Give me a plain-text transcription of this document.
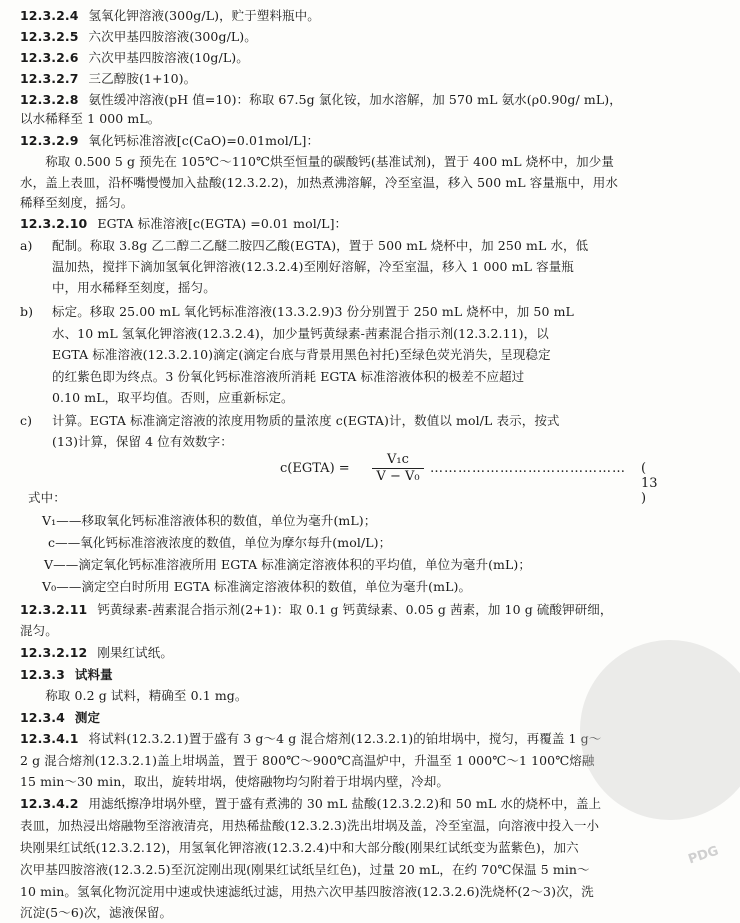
12.3.2.4 氢氧化钾溶液(300g/L)，贮于塑料瓶中。
12.3.2.5 六次甲基四胺溶液(300g/L)。
12.3.2.6 六次甲基四胺溶液(10g/L)。
12.3.2.7 三乙醇胺(1+10)。
12.3.2.8 氨性缓冲溶液(pH 值=10)：称取 67.5g 氯化铵，加水溶解，加 570 mL 氨水(ρ0.90g/ mL)，
以水稀释至 1 000 mL。
12.3.2.9 氧化钙标准溶液[c(CaO)=0.01mol/L]：
　　称取 0.500 5 g 预先在 105℃～110℃烘至恒量的碳酸钙(基准试剂)，置于 400 mL 烧杯中，加少量
水，盖上表皿，沿杯嘴慢慢加入盐酸(12.3.2.2)，加热煮沸溶解，冷至室温，移入 500 mL 容量瓶中，用水
稀释至刻度，摇匀。
12.3.2.10 EGTA 标准溶液[c(EGTA) =0.01 mol/L]：
a) 配制。称取 3.8g 乙二醇二乙醚二胺四乙酸(EGTA)，置于 500 mL 烧杯中，加 250 mL 水，低
温加热，搅拌下滴加氢氧化钾溶液(12.3.2.4)至刚好溶解，冷至室温，移入 1 000 mL 容量瓶
中，用水稀释至刻度，摇匀。
b) 标定。移取 25.00 mL 氧化钙标准溶液(13.3.2.9)3 份分别置于 250 mL 烧杯中，加 50 mL
水、10 mL 氢氧化钾溶液(12.3.2.4)，加少量钙黄绿素-茜素混合指示剂(12.3.2.11)，以
EGTA 标准溶液(12.3.2.10)滴定(滴定台底与背景用黑色衬托)至绿色荧光消失，呈现稳定
的红紫色即为终点。3 份氧化钙标准溶液所消耗 EGTA 标准溶液体积的极差不应超过
0.10 mL，取平均值。否则，应重新标定。
c) 计算。EGTA 标准滴定溶液的浓度用物质的量浓度 c(EGTA)计，数值以 mol/L 表示，按式
(13)计算，保留 4 位有效数字：
c(EGTA) = $\frac{\text{V₁c}}{\text{V − V₀}}$ …………………………………… ( 13 )
式中：
V₁——移取氧化钙标准溶液体积的数值，单位为毫升(mL)；
c——氧化钙标准溶液浓度的数值，单位为摩尔每升(mol/L)；
V——滴定氧化钙标准溶液所用 EGTA 标准滴定溶液体积的平均值，单位为毫升(mL)；
V₀——滴定空白时所用 EGTA 标准滴定溶液体积的数值，单位为毫升(mL)。
12.3.2.11 钙黄绿素-茜素混合指示剂(2+1)：取 0.1 g 钙黄绿素、0.05 g 茜素，加 10 g 硫酸钾研细，
混匀。
12.3.2.12 刚果红试纸。
12.3.3 试料量
　　称取 0.2 g 试料，精确至 0.1 mg。
12.3.4 测定
12.3.4.1 将试料(12.3.2.1)置于盛有 3 g～4 g 混合熔剂(12.3.2.1)的铂坩埚中，搅匀，再覆盖 1 g～
2 g 混合熔剂(12.3.2.1)盖上坩埚盖，置于 800℃～900℃高温炉中，升温至 1 000℃～1 100℃熔融
15 min～30 min，取出，旋转坩埚，使熔融物均匀附着于坩埚内壁，冷却。
12.3.4.2 用滤纸擦净坩埚外壁，置于盛有煮沸的 30 mL 盐酸(12.3.2.2)和 50 mL 水的烧杯中，盖上
表皿，加热浸出熔融物至溶液清亮，用热稀盐酸(12.3.2.3)洗出坩埚及盖，冷至室温，向溶液中投入一小
块刚果红试纸(12.3.2.12)，用氢氧化钾溶液(12.3.2.4)中和大部分酸(刚果红试纸变为蓝紫色)，加六
次甲基四胺溶液(12.3.2.5)至沉淀刚出现(刚果红试纸呈红色)，过量 20 mL，在约 70℃保温 5 min～
10 min。氢氧化物沉淀用中速或快速滤纸过滤，用热六次甲基四胺溶液(12.3.2.6)洗烧杯(2～3)次，洗
沉淀(5～6)次，滤液保留。
PDG
